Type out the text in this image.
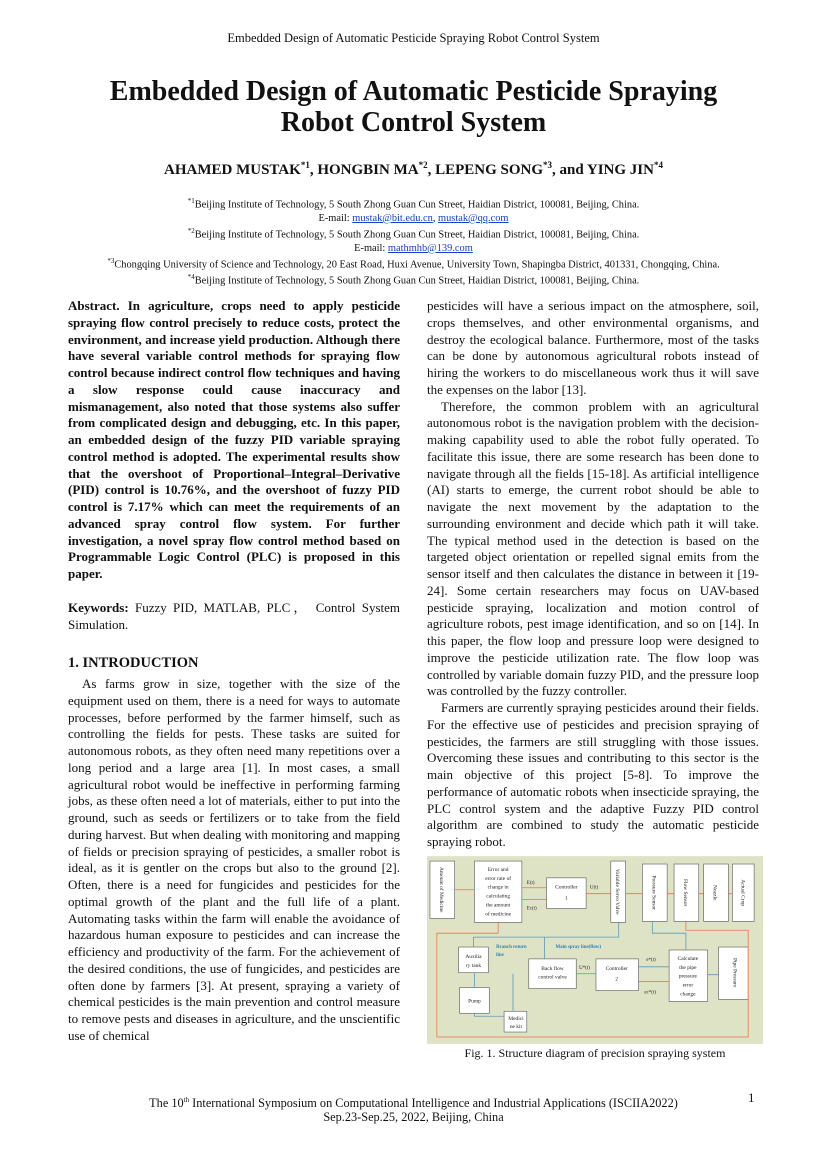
Embedded Design of Automatic Pesticide Spraying Robot Control System
Embedded Design of Automatic Pesticide Spraying
Robot Control System
AHAMED MUSTAK$^{*1}$, HONGBIN MA$^{*2}$, LEPENG SONG$^{*3}$, and YING JIN$^{*4}$
$^{*1}$Beijing Institute of Technology, 5 South Zhong Guan Cun Street, Haidian District, 100081, Beijing, China.
E-mail: mustak@bit.edu.cn, mustak@qq.com
$^{*2}$Beijing Institute of Technology, 5 South Zhong Guan Cun Street, Haidian District, 100081, Beijing, China.
E-mail: mathmhb@139.com
$^{*3}$Chongqing University of Science and Technology, 20 East Road, Huxi Avenue, University Town, Shapingba District, 401331, Chongqing, China.
$^{*4}$Beijing Institute of Technology, 5 South Zhong Guan Cun Street, Haidian District, 100081, Beijing, China.

Abstract. In agriculture, crops need to apply pesticide spraying flow control precisely to reduce costs, protect the environment, and increase yield production. Although there have several variable control methods for spraying flow control because indirect control flow techniques and having a slow response could cause inaccuracy and mismanagement, also noted that those systems also suffer from complicated design and debugging, etc. In this paper, an embedded design of the fuzzy PID variable spraying control method is adopted. The experimental results show that the overshoot of Proportional–Integral–Derivative (PID) control is 10.76%, and the overshoot of fuzzy PID control is 7.17% which can meet the requirements of an advanced spray control flow system. For further investigation, a novel spray flow control method based on Programmable Logic Control (PLC) is proposed in this paper.

Keywords: Fuzzy PID, MATLAB, PLC， Control System Simulation.

1. INTRODUCTION

As farms grow in size, together with the size of the equipment used on them, there is a need for ways to automate processes, before performed by the farmer himself, such as controlling the fields for pests. These tasks are suited for autonomous robots, as they often need many repetitions over a long period and a large area [1]. In most cases, a small agricultural robot would be ineffective in performing farming jobs, as these often need a lot of materials, either to put into the ground, such as seeds or fertilizers or to take from the field during harvest. But when dealing with monitoring and mapping of fields or precision spraying of pesticides, a smaller robot is ideal, as it is gentler on the crops but also to the ground [2]. Often, there is a need for fungicides and pesticides for the optimal growth of the plant and the full life of a plant. Automating tasks within the farm will enable the avoidance of hazardous human exposure to pesticides and can increase the efficiency and productivity of the farm. For the achievement of the desired conditions, the use of fungicides, and pesticides are often done by farmers [3]. At present, spraying a variety of chemical pesticides is the main prevention and control measure to remove pests and diseases in agriculture, and the unscientific use of chemical

pesticides will have a serious impact on the atmosphere, soil, crops themselves, and other environmental organisms, and destroy the ecological balance. Furthermore, most of the tasks can be done by autonomous agricultural robots instead of hiring the workers to do miscellaneous work thus it will save the expenses on the labor [13].

Therefore, the common problem with an agricultural autonomous robot is the navigation problem with the decision-making capability used to able the robot fully operated. To facilitate this issue, there are some research has been done to navigate through all the fields [15-18]. As artificial intelligence (AI) starts to emerge, the current robot should be able to navigate the next movement by the adaptation to the surrounding environment and decide which path it will take. The typical method used in the detection is based on the targeted object orientation or repelled signal emits from the sensor itself and then calculates the distance in between it [19-24]. Some certain researchers may focus on UAV-based pesticide spraying, localization and motion control of agriculture robots, pest image identification, and so on [14]. In this paper, the flow loop and pressure loop were designed to improve the pesticide utilization rate. The flow loop was controlled by variable domain fuzzy PID, and the pressure loop was controlled by the fuzzy controller.

Farmers are currently spraying pesticides around their fields. For the effective use of pesticides and precision spraying of pesticides, the farmers are still struggling with those issues. Overcoming these issues and contributing to this sector is the main objective of this project [5-8]. To improve the performance of automatic robots when insecticide spraying, the PLC control system and the adaptive Fuzzy PID control algorithm are combined to study the automatic pesticide spraying robot.

Amount of Medicine	Error and
error rate of
change in
calculating
the amount
of medicine
Controller
1	Variable Servo Valve	Pressure Sensor	Flow Sensor	Nozzle	Actual Crop
Auxilia
ry tank
Pump
Medici
ne kit
Back flow
control valve
Controller
2
Calculate
the pipe
pressure
error
change
Pipe Pressure
E(t)
Ec(t)
U(t)
e*(t)
ec*(t)
U*(t)
Branch return
line
Main spray line(flow)
Fig. 1. Structure diagram of precision spraying system
The 10th International Symposium on Computational Intelligence and Industrial Applications (ISCIIA2022)
Sep.23-Sep.25, 2022, Beijing, China
1
